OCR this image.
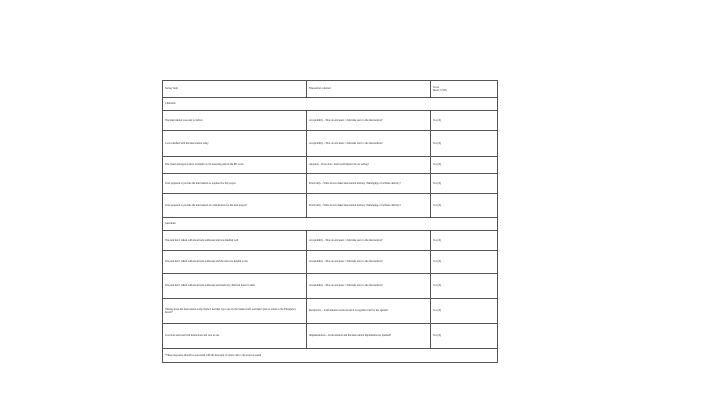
Survey Item	Theoretical construct	Score
Mean ± (SD)

Clinicians		
The intervention was easy to deliver	Acceptability – How do end users / clinicians react to the intervention?	X.x (X)
I was satisfied with the intervention today	Acceptability – How do end users / clinicians react to the intervention?	X.x (X)
The visual analogue scale is a helpful tool in assessing pain in the ED room	Adoption – Does data / intent participation in our setting?	X.x (X)
I feel prepared to provide the intervention as required for the project	Practicality – What factors make intervention delivery challenging or facilitate delivery?	X.x (X)
I feel prepared to provide the intervention in consideration for the next project?	Practicality – What factors make intervention delivery challenging or facilitate delivery?	X.x (X)
Guardians		
The pain that I talked with about feels addressed and was handled well	Acceptability – How do end users / clinicians react to the intervention?	X.x (X)
The pain that I talked with about feels addressed and the visit was helpful to me	Acceptability – How do end users / clinicians react to the intervention?	X.x (X)
The pain that I talked with about feels addressed and made my child feel better in time	Acceptability – How do end users / clinicians react to the intervention?	X.x (X)
Talking about the intervention today made it feel like I got care by the trained staff, and then I plan to return to the Emergency Room*	Reciprocity – Is information received and it is regarded well for the agenda?	X.x (X)
I received and read both instructions and care in one	Implementation – Is information and the intervention implemented as planned?	X.x (X)
*These responses should be associated with the direction of return visit to the event as stated		
